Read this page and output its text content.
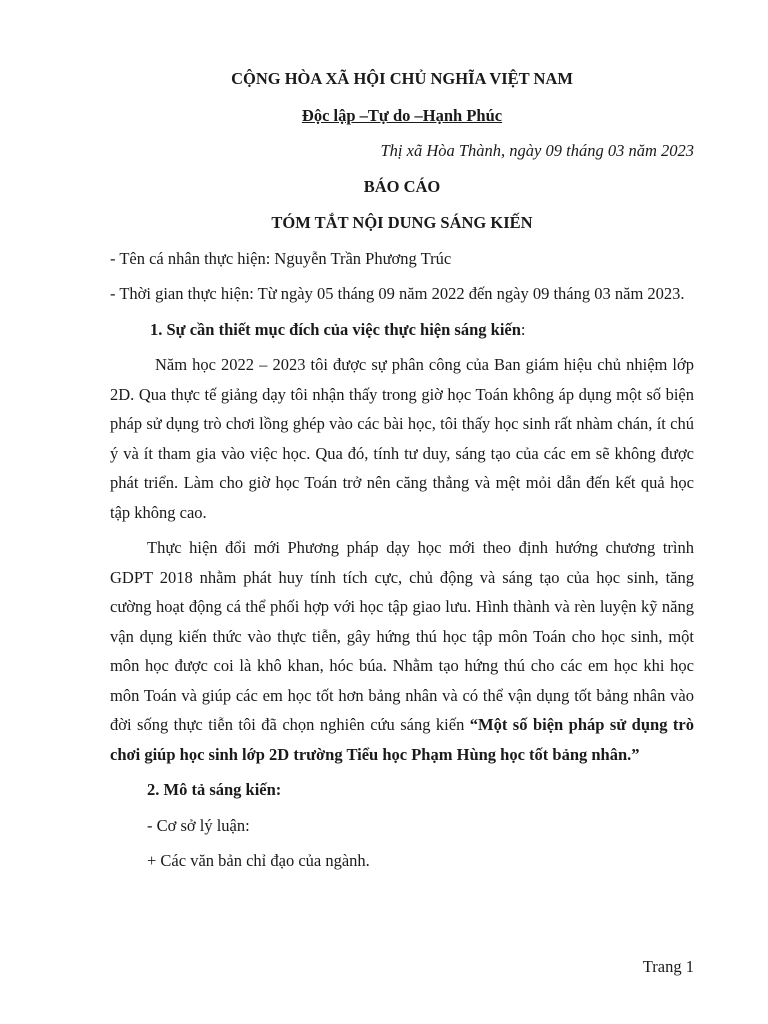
CỘNG HÒA XÃ HỘI CHỦ NGHĨA VIỆT NAM

Độc lập –Tự do –Hạnh Phúc

Thị xã Hòa Thành, ngày 09 tháng 03 năm 2023

BÁO CÁO

TÓM TẮT NỘI DUNG SÁNG KIẾN

- Tên cá nhân thực hiện: Nguyễn Trần Phương Trúc

- Thời gian thực hiện: Từ ngày 05 tháng 09 năm 2022 đến ngày 09 tháng 03 năm 2023.

1. Sự cần thiết mục đích của việc thực hiện sáng kiến:

Năm học 2022 – 2023 tôi được sự phân công của Ban giám hiệu chủ nhiệm lớp 2D. Qua thực tế giảng dạy tôi nhận thấy trong giờ học Toán không áp dụng một số biện pháp sử dụng trò chơi lồng ghép vào các bài học, tôi thấy học sinh rất nhàm chán, ít chú ý và ít tham gia vào việc học. Qua đó, tính tư duy, sáng tạo của các em sẽ không được phát triển. Làm cho giờ học Toán trở nên căng thẳng và mệt mỏi dẫn đến kết quả học tập không cao.

Thực hiện đổi mới Phương pháp dạy học mới theo định hướng chương trình GDPT 2018 nhằm phát huy tính tích cực, chủ động và sáng tạo của học sinh, tăng cường hoạt động cá thể phối hợp với học tập giao lưu. Hình thành và rèn luyện kỹ năng vận dụng kiến thức vào thực tiễn, gây hứng thú học tập môn Toán cho học sinh, một môn học được coi là khô khan, hóc búa. Nhằm tạo hứng thú cho các em học khi học môn Toán và giúp các em học tốt hơn bảng nhân và có thể vận dụng tốt bảng nhân vào đời sống thực tiễn tôi đã chọn nghiên cứu sáng kiến “Một số biện pháp sử dụng trò chơi giúp học sinh lớp 2D trường Tiểu học Phạm Hùng học tốt bảng nhân.”

2. Mô tả sáng kiến:

- Cơ sở lý luận:

+ Các văn bản chỉ đạo của ngành.

Trang 1
